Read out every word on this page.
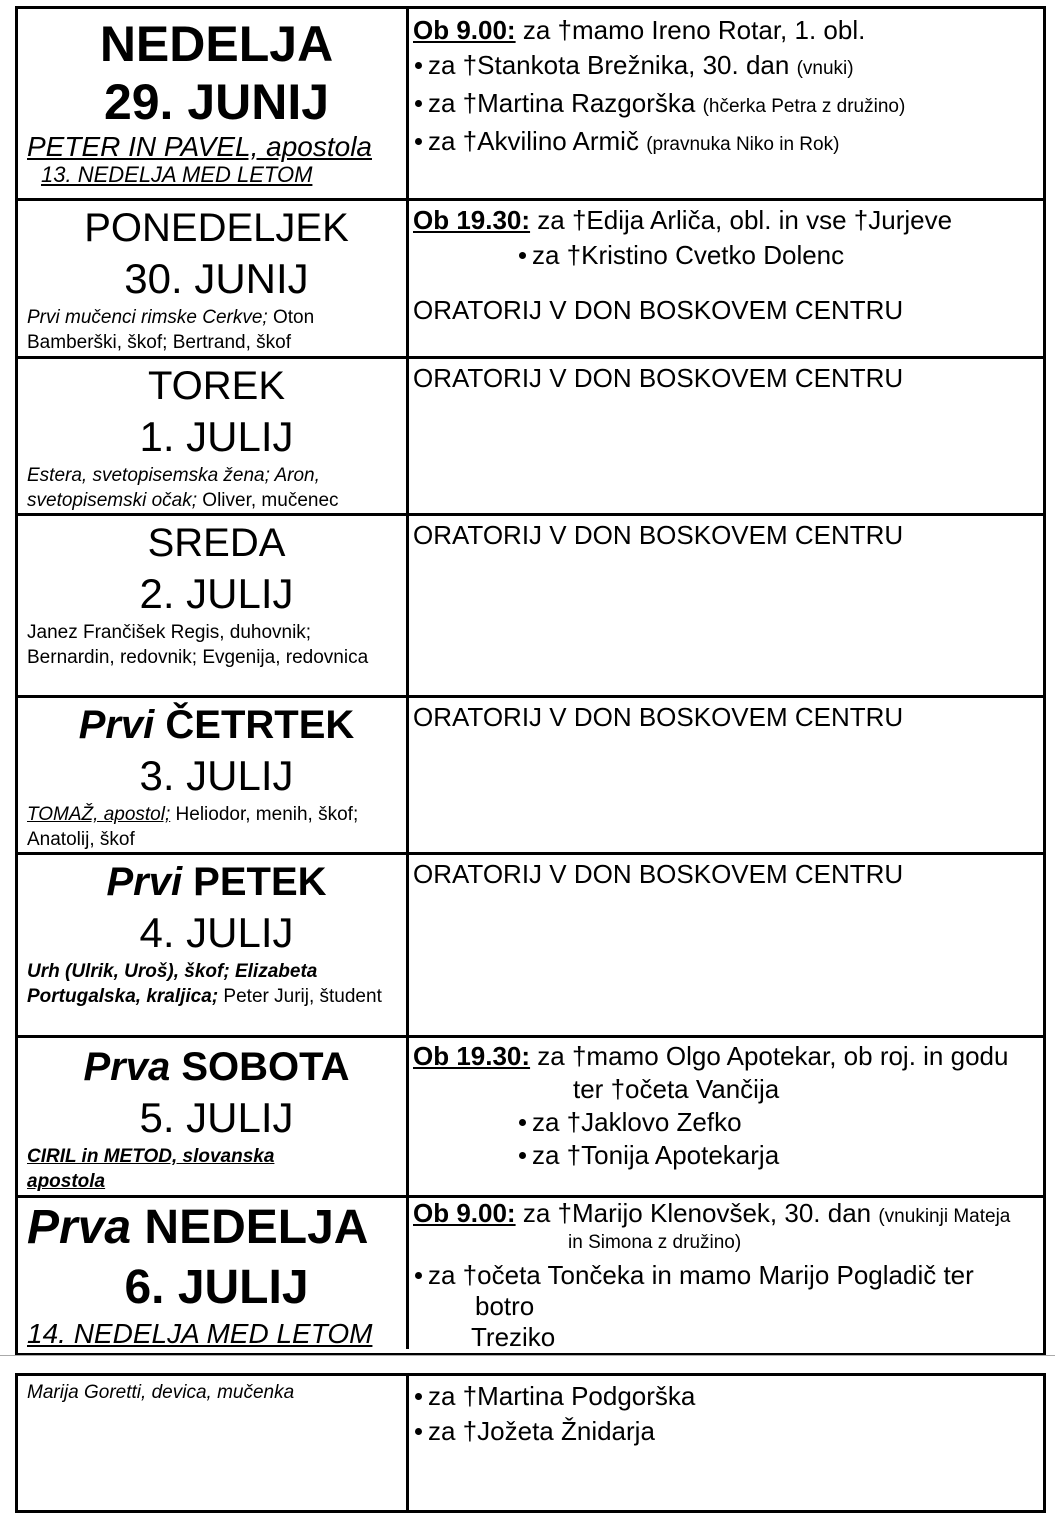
NEDELJA
29. JUNIJ
PETER IN PAVEL, apostola
13. NEDELJA MED LETOM
Ob 9.00: za †mamo Ireno Rotar, 1. obl.
za †Stankota Brežnika, 30. dan (vnuki)
za †Martina Razgorška (hčerka Petra z družino)
za †Akvilino Armič (pravnuka Niko in Rok)
PONEDELJEK
30. JUNIJ
Prvi mučenci rimske Cerkve; Oton Bamberški, škof; Bertrand, škof
Ob 19.30: za †Edija Arliča, obl. in vse †Jurjeve
za †Kristino Cvetko Dolenc
ORATORIJ V DON BOSKOVEM CENTRU
TOREK
1. JULIJ
Estera, svetopisemska žena; Aron, svetopisemski očak; Oliver, mučenec
ORATORIJ V DON BOSKOVEM CENTRU
SREDA
2. JULIJ
Janez Frančišek Regis, duhovnik; Bernardin, redovnik; Evgenija, redovnica
ORATORIJ V DON BOSKOVEM CENTRU
Prvi ČETRTEK
3. JULIJ
TOMAŽ, apostol; Heliodor, menih, škof; Anatolij, škof
ORATORIJ V DON BOSKOVEM CENTRU
Prvi PETEK
4. JULIJ
Urh (Ulrik, Uroš), škof; Elizabeta Portugalska, kraljica; Peter Jurij, študent
ORATORIJ V DON BOSKOVEM CENTRU
Prva SOBOTA
5. JULIJ
CIRIL in METOD, slovanska apostola
Ob 19.30: za †mamo Olgo Apotekar, ob roj. in godu
ter †očeta Vančija
za †Jaklovo Zefko
za †Tonija Apotekarja
Prva NEDELJA
6. JULIJ
14. NEDELJA MED LETOM
Ob 9.00: za †Marijo Klenovšek, 30. dan (vnukinji Mateja
in Simona z družino)
za †očeta Tončeka in mamo Marijo Pogladič ter
botro
Treziko
Marija Goretti, devica, mučenka	za †Martina Podgorška
za †Jožeta Žnidarja
